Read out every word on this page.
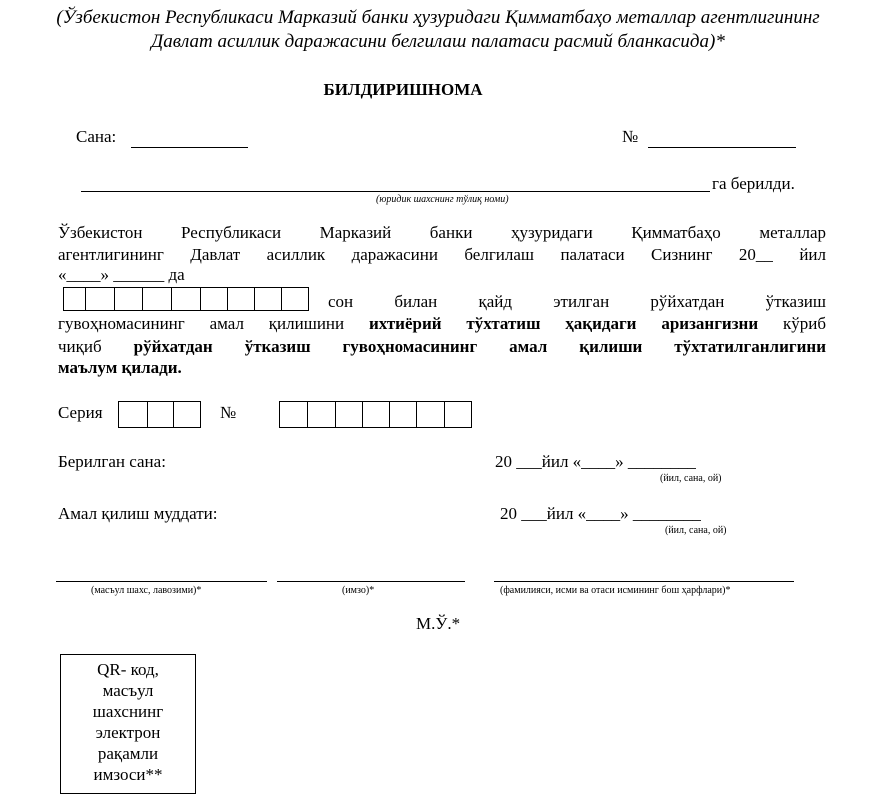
(Ўзбекистон Республикаси Марказий банки ҳузуридаги Қимматбаҳо металлар агентлигининг
Давлат асиллик даражасини белгилаш палатаси расмий бланкасида)*
БИЛДИРИШНОМА
Сана:	№
га берилди.
(юридик шахснинг тўлиқ номи)
Ўзбекистон Республикаси Марказий банки ҳузуридаги Қимматбаҳо металлар
агентлигининг Давлат асиллик даражасини белгилаш палатаси Сизнинг 20__ йил
«____» ______ да
сон билан қайд этилган рўйхатдан ўтказиш
гувоҳномасининг амал қилишини ихтиёрий тўхтатиш ҳақидаги аризангизни кўриб
чиқиб рўйхатдан ўтказиш гувоҳномасининг амал қилиши тўхтатилганлигини
маълум қилади.
Серия	№
Берилган сана:	20 ___йил «____» ________
(йил, сана, ой)
Амал қилиш муддати:	20 ___йил «____» ________
(йил, сана, ой)
(масъул шахс, лавозими)*	(имзо)*	(фамилияси, исми ва отаси исмининг бош ҳарфлари)*
М.Ў.*
QR- код,
масъул
шахснинг
электрон
рақамли
имзоси**
